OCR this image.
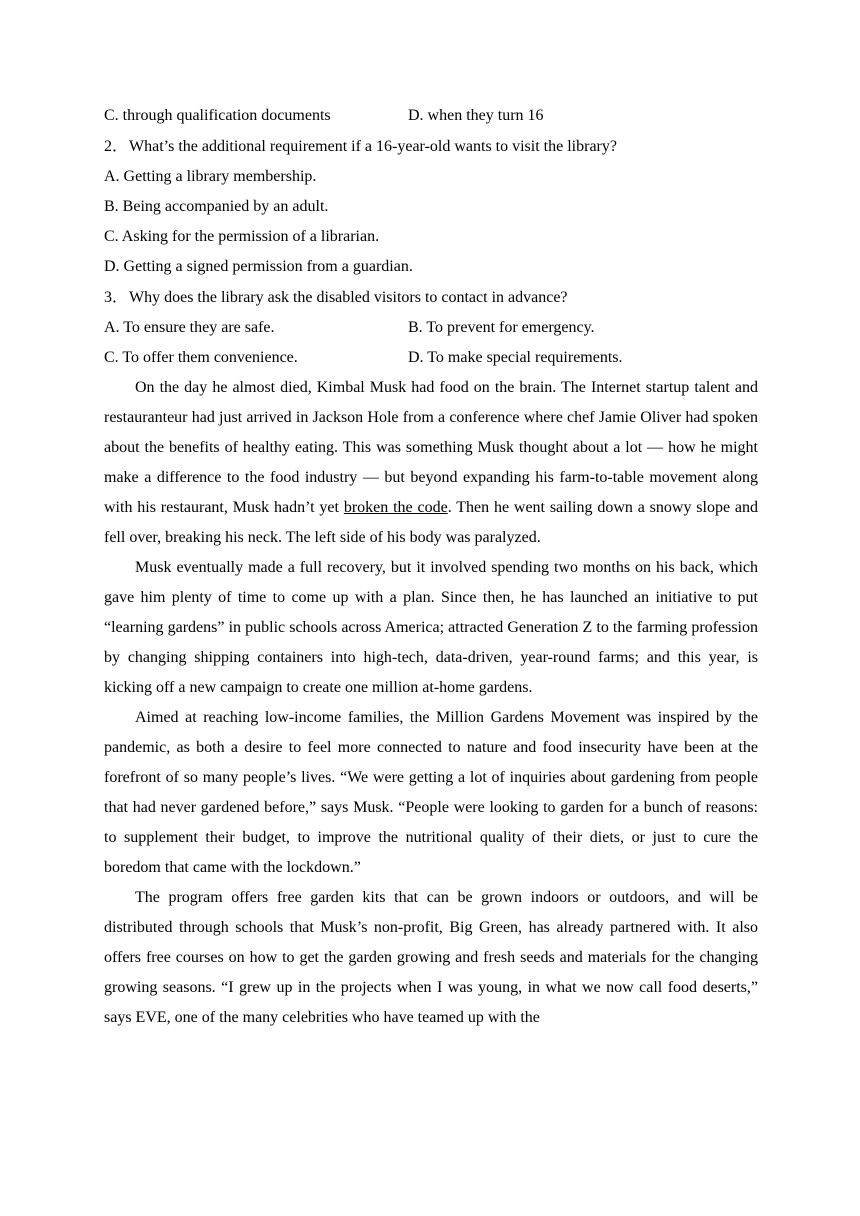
C. through qualification documents	D. when they turn 16
2．What’s the additional requirement if a 16-year-old wants to visit the library?
A. Getting a library membership.
B. Being accompanied by an adult.
C. Asking for the permission of a librarian.
D. Getting a signed permission from a guardian.
3．Why does the library ask the disabled visitors to contact in advance?
A. To ensure they are safe.	B. To prevent for emergency.
C. To offer them convenience.	D. To make special requirements.

On the day he almost died, Kimbal Musk had food on the brain. The Internet startup talent and restauranteur had just arrived in Jackson Hole from a conference where chef Jamie Oliver had spoken about the benefits of healthy eating. This was something Musk thought about a lot — how he might make a difference to the food industry — but beyond expanding his farm-to-table movement along with his restaurant, Musk hadn’t yet broken the code. Then he went sailing down a snowy slope and fell over, breaking his neck. The left side of his body was paralyzed.

Musk eventually made a full recovery, but it involved spending two months on his back, which gave him plenty of time to come up with a plan. Since then, he has launched an initiative to put “learning gardens” in public schools across America; attracted Generation Z to the farming profession by changing shipping containers into high-tech, data-driven, year-round farms; and this year, is kicking off a new campaign to create one million at-home gardens.

Aimed at reaching low-income families, the Million Gardens Movement was inspired by the pandemic, as both a desire to feel more connected to nature and food insecurity have been at the forefront of so many people’s lives. “We were getting a lot of inquiries about gardening from people that had never gardened before,” says Musk. “People were looking to garden for a bunch of reasons: to supplement their budget, to improve the nutritional quality of their diets, or just to cure the boredom that came with the lockdown.”

The program offers free garden kits that can be grown indoors or outdoors, and will be distributed through schools that Musk’s non-profit, Big Green, has already partnered with. It also offers free courses on how to get the garden growing and fresh seeds and materials for the changing growing seasons. “I grew up in the projects when I was young, in what we now call food deserts,” says EVE, one of the many celebrities who have teamed up with the
